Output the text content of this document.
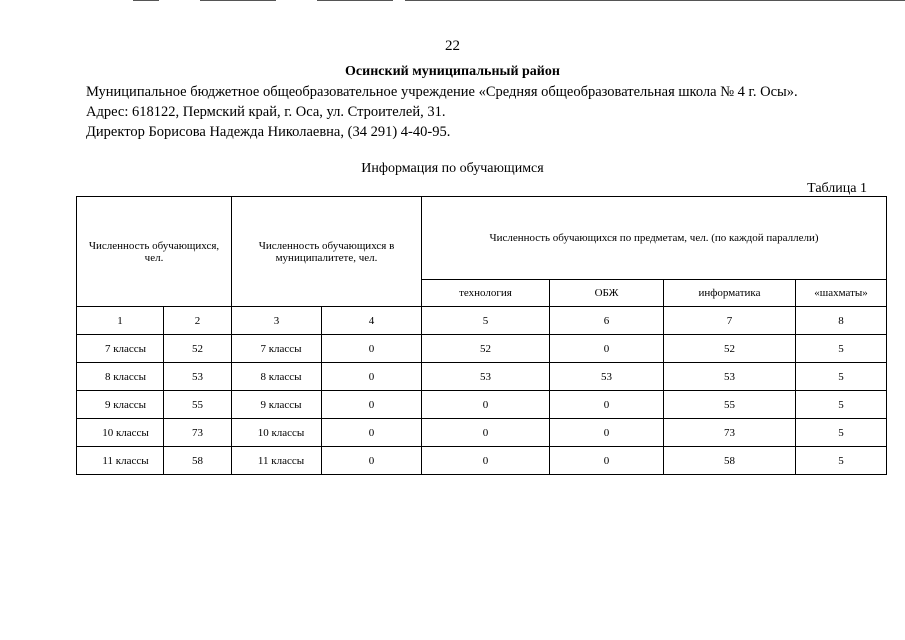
22
Осинский муниципальный район
Муниципальное бюджетное общеобразовательное учреждение «Средняя общеобразовательная школа № 4 г. Осы».
Адрес: 618122, Пермский край, г. Оса, ул. Строителей, 31.
Директор Борисова Надежда Николаевна, (34 291) 4-40-95.
Информация по обучающимся
Таблица 1
Численность обучающихся, чел.		Численность обучающихся в муниципалитете, чел.		Численность обучающихся по предметам, чел. (по каждой параллели)			
				технология	ОБЖ	информатика	«шахматы»
1	2	3	4	5	6	7	8
7 классы	52	7 классы	0	52	0	52	5
8 классы	53	8 классы	0	53	53	53	5
9 классы	55	9 классы	0	0	0	55	5
10 классы	73	10 классы	0	0	0	73	5
11 классы	58	11 классы	0	0	0	58	5
